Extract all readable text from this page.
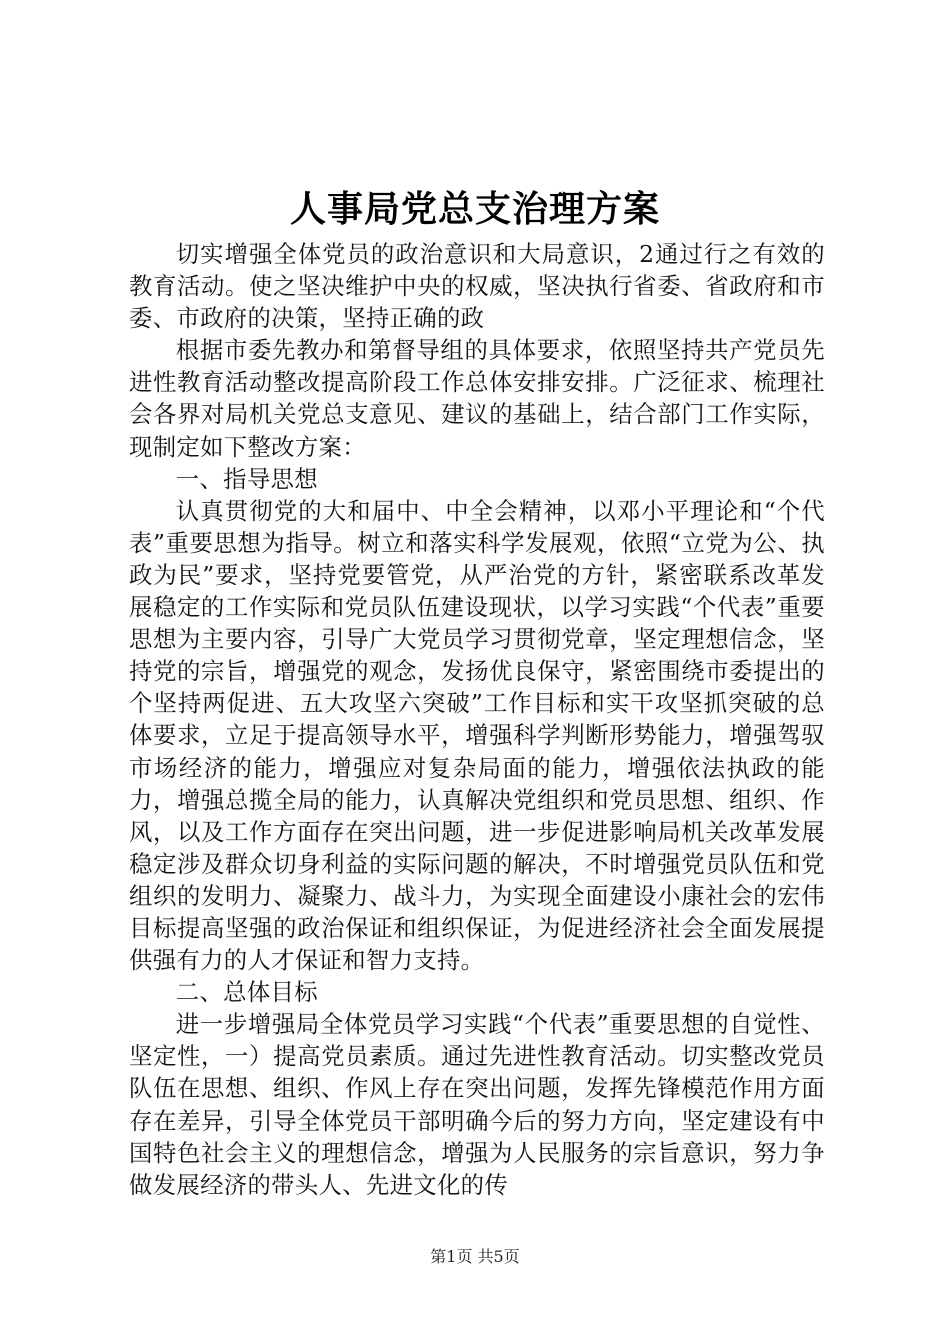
人事局党总支治理方案

切实增强全体党员的政治意识和大局意识，2通过行之有效的教育活动。使之坚决维护中央的权威，坚决执行省委、省政府和市委、市政府的决策，坚持正确的政

根据市委先教办和第督导组的具体要求，依照坚持共产党员先进性教育活动整改提高阶段工作总体安排安排。广泛征求、梳理社会各界对局机关党总支意见、建议的基础上，结合部门工作实际，现制定如下整改方案：

一、指导思想

认真贯彻党的大和届中、中全会精神，以邓小平理论和“个代表”重要思想为指导。树立和落实科学发展观，依照“立党为公、执政为民”要求，坚持党要管党，从严治党的方针，紧密联系改革发展稳定的工作实际和党员队伍建设现状，以学习实践“个代表”重要思想为主要内容，引导广大党员学习贯彻党章，坚定理想信念，坚持党的宗旨，增强党的观念，发扬优良保守，紧密围绕市委提出的个坚持两促进、五大攻坚六突破”工作目标和实干攻坚抓突破的总体要求，立足于提高领导水平，增强科学判断形势能力，增强驾驭市场经济的能力，增强应对复杂局面的能力，增强依法执政的能力，增强总揽全局的能力，认真解决党组织和党员思想、组织、作风，以及工作方面存在突出问题，进一步促进影响局机关改革发展稳定涉及群众切身利益的实际问题的解决，不时增强党员队伍和党组织的发明力、凝聚力、战斗力，为实现全面建设小康社会的宏伟目标提高坚强的政治保证和组织保证，为促进经济社会全面发展提供强有力的人才保证和智力支持。

二、总体目标

进一步增强局全体党员学习实践“个代表”重要思想的自觉性、坚定性，一）提高党员素质。通过先进性教育活动。切实整改党员队伍在思想、组织、作风上存在突出问题，发挥先锋模范作用方面存在差异，引导全体党员干部明确今后的努力方向，坚定建设有中国特色社会主义的理想信念，增强为人民服务的宗旨意识，努力争做发展经济的带头人、先进文化的传

第1页 共5页
